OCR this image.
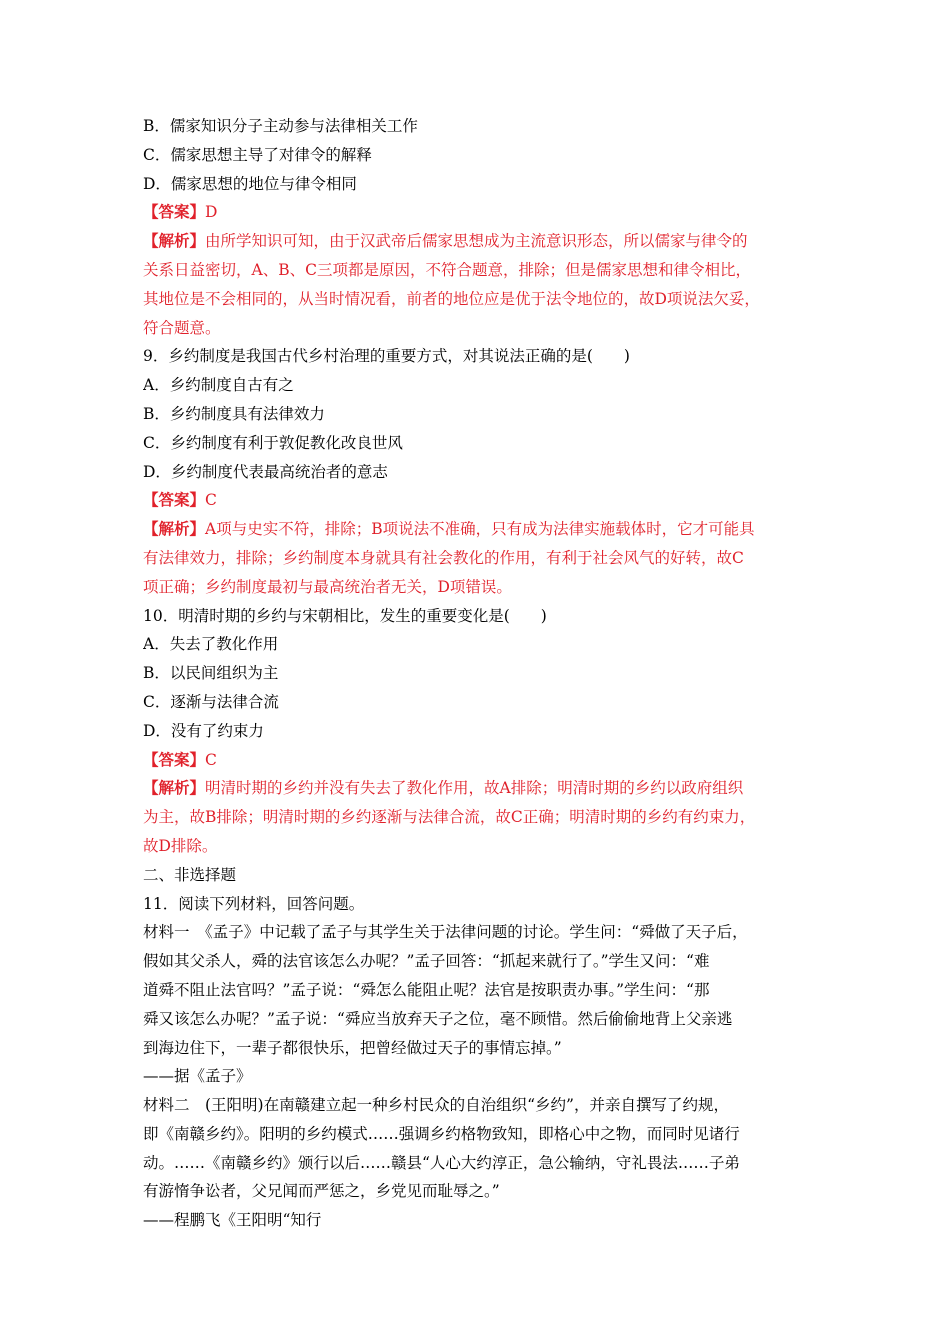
B．儒家知识分子主动参与法律相关工作
C．儒家思想主导了对律令的解释
D．儒家思想的地位与律令相同
【答案】D
【解析】由所学知识可知，由于汉武帝后儒家思想成为主流意识形态，所以儒家与律令的
关系日益密切，A、B、C三项都是原因，不符合题意，排除；但是儒家思想和律令相比，
其地位是不会相同的，从当时情况看，前者的地位应是优于法令地位的，故D项说法欠妥，
符合题意。
9．乡约制度是我国古代乡村治理的重要方式，对其说法正确的是(　　)
A．乡约制度自古有之
B．乡约制度具有法律效力
C．乡约制度有利于敦促教化改良世风
D．乡约制度代表最高统治者的意志
【答案】C
【解析】A项与史实不符，排除；B项说法不准确，只有成为法律实施载体时，它才可能具
有法律效力，排除；乡约制度本身就具有社会教化的作用，有利于社会风气的好转，故C
项正确；乡约制度最初与最高统治者无关，D项错误。
10．明清时期的乡约与宋朝相比，发生的重要变化是(　　)
A．失去了教化作用
B．以民间组织为主
C．逐渐与法律合流
D．没有了约束力
【答案】C
【解析】明清时期的乡约并没有失去了教化作用，故A排除；明清时期的乡约以政府组织
为主，故B排除；明清时期的乡约逐渐与法律合流，故C正确；明清时期的乡约有约束力，
故D排除。
二、非选择题
11．阅读下列材料，回答问题。
材料一　《孟子》中记载了孟子与其学生关于法律问题的讨论。学生问：“舜做了天子后，
假如其父杀人，舜的法官该怎么办呢？”孟子回答：“抓起来就行了。”学生又问：“难
道舜不阻止法官吗？”孟子说：“舜怎么能阻止呢？法官是按职责办事。”学生问：“那
舜又该怎么办呢？”孟子说：“舜应当放弃天子之位，毫不顾惜。然后偷偷地背上父亲逃
到海边住下，一辈子都很快乐，把曾经做过天子的事情忘掉。”
——据《孟子》
材料二　(王阳明)在南赣建立起一种乡村民众的自治组织“乡约”，并亲自撰写了约规，
即《南赣乡约》。阳明的乡约模式……强调乡约格物致知，即格心中之物，而同时见诸行
动。……《南赣乡约》颁行以后……赣县“人心大约淳正，急公输纳，守礼畏法……子弟
有游惰争讼者，父兄闻而严惩之，乡党见而耻辱之。”
——程鹏飞《王阳明“知行
